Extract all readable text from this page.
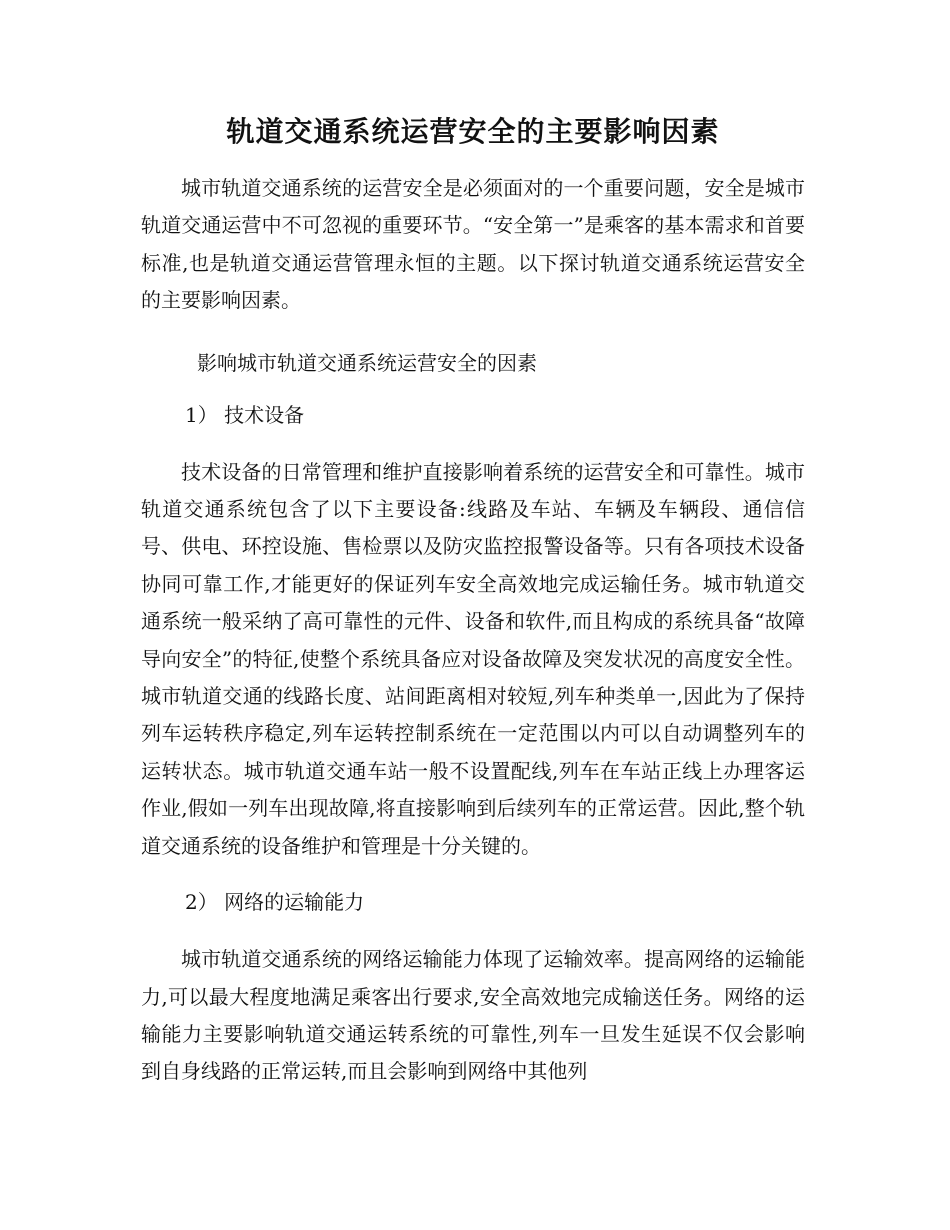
轨道交通系统运营安全的主要影响因素

城市轨道交通系统的运营安全是必须面对的一个重要问题，安全是城市轨道交通运营中不可忽视的重要环节。“安全第一”是乘客的基本需求和首要标准,也是轨道交通运营管理永恒的主题。以下探讨轨道交通系统运营安全的主要影响因素。

影响城市轨道交通系统运营安全的因素
1） 技术设备

技术设备的日常管理和维护直接影响着系统的运营安全和可靠性。城市轨道交通系统包含了以下主要设备:线路及车站、车辆及车辆段、通信信号、供电、环控设施、售检票以及防灾监控报警设备等。只有各项技术设备协同可靠工作,才能更好的保证列车安全高效地完成运输任务。城市轨道交通系统一般采纳了高可靠性的元件、设备和软件,而且构成的系统具备“故障导向安全”的特征,使整个系统具备应对设备故障及突发状况的高度安全性。城市轨道交通的线路长度、站间距离相对较短,列车种类单一,因此为了保持列车运转秩序稳定,列车运转控制系统在一定范围以内可以自动调整列车的运转状态。城市轨道交通车站一般不设置配线,列车在车站正线上办理客运作业,假如一列车出现故障,将直接影响到后续列车的正常运营。因此,整个轨道交通系统的设备维护和管理是十分关键的。

2） 网络的运输能力

城市轨道交通系统的网络运输能力体现了运输效率。提高网络的运输能力,可以最大程度地满足乘客出行要求,安全高效地完成输送任务。网络的运输能力主要影响轨道交通运转系统的可靠性,列车一旦发生延误不仅会影响到自身线路的正常运转,而且会影响到网络中其他列
